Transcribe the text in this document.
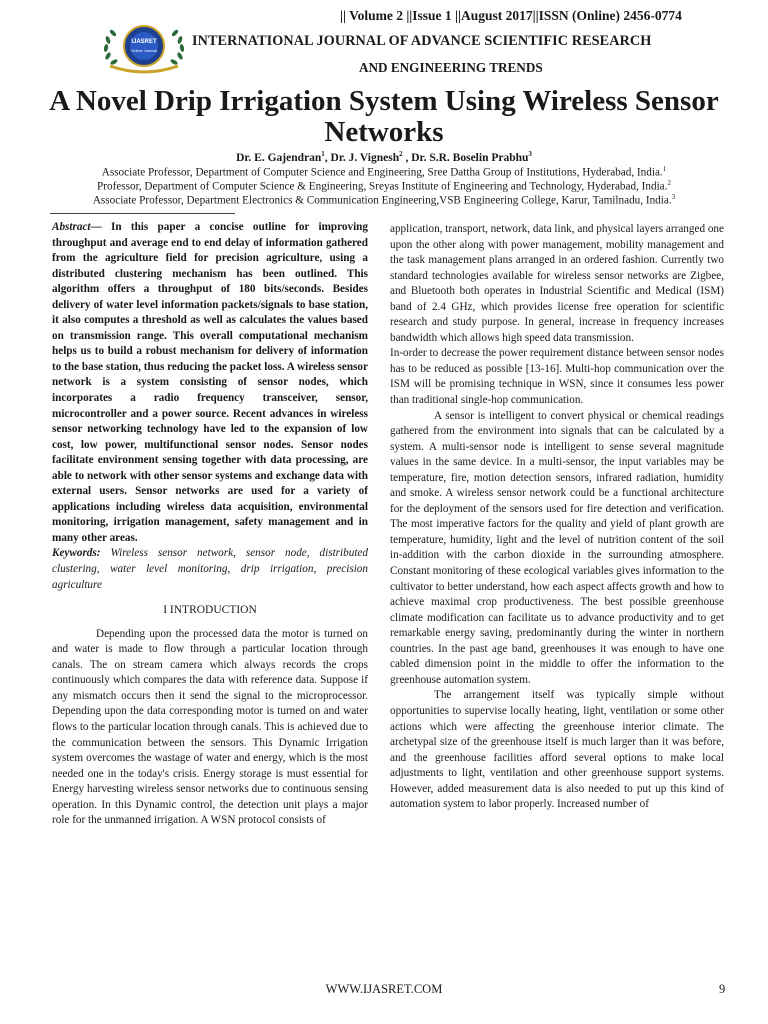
|| Volume 2 ||Issue 1 ||August 2017||ISSN (Online) 2456-0774
IJASRET
Online Journal
INTERNATIONAL JOURNAL OF ADVANCE SCIENTIFIC RESEARCH
AND ENGINEERING TRENDS
A Novel Drip Irrigation System Using Wireless Sensor Networks
Dr. E. Gajendran$^1$, Dr. J. Vignesh$^2$ , Dr. S.R. Boselin Prabhu$^3$
Associate Professor, Department of Computer Science and Engineering, Sree Dattha Group of Institutions, Hyderabad, India.$^1$
Professor, Department of Computer Science & Engineering, Sreyas Institute of Engineering and Technology, Hyderabad, India.$^2$
Associate Professor, Department Electronics & Communication Engineering,VSB Engineering College, Karur, Tamilnadu, India.$^3$

Abstract— In this paper a concise outline for improving throughput and average end to end delay of information gathered from the agriculture field for precision agriculture, using a distributed clustering mechanism has been outlined. This algorithm offers a throughput of 180 bits/seconds. Besides delivery of water level information packets/signals to base station, it also computes a threshold as well as calculates the values based on transmission range. This overall computational mechanism helps us to build a robust mechanism for delivery of information to the base station, thus reducing the packet loss. A wireless sensor network is a system consisting of sensor nodes, which incorporates a radio frequency transceiver, sensor, microcontroller and a power source. Recent advances in wireless sensor networking technology have led to the expansion of low cost, low power, multifunctional sensor nodes. Sensor nodes facilitate environment sensing together with data processing, are able to network with other sensor systems and exchange data with external users. Sensor networks are used for a variety of applications including wireless data acquisition, environmental monitoring, irrigation management, safety management and in many other areas.

Keywords: Wireless sensor network, sensor node, distributed clustering, water level monitoring, drip irrigation, precision agriculture

I INTRODUCTION

Depending upon the processed data the motor is turned on and water is made to flow through a particular location through canals. The on stream camera which always records the crops continuously which compares the data with reference data. Suppose if any mismatch occurs then it send the signal to the microprocessor. Depending upon the data corresponding motor is turned on and water flows to the particular location through canals. This is achieved due to the communication between the sensors. This Dynamic Irrigation system overcomes the wastage of water and energy, which is the most needed one in the today's crisis. Energy storage is must essential for Energy harvesting wireless sensor networks due to continuous sensing operation. In this Dynamic control, the detection unit plays a major role for the unmanned irrigation. A WSN protocol consists of

application, transport, network, data link, and physical layers arranged one upon the other along with power management, mobility management and the task management plans arranged in an ordered fashion. Currently two standard technologies available for wireless sensor networks are Zigbee, and Bluetooth both operates in Industrial Scientific and Medical (ISM) band of 2.4 GHz, which provides license free operation for scientific research and study purpose. In general, increase in frequency increases bandwidth which allows high speed data transmission.

In-order to decrease the power requirement distance between sensor nodes has to be reduced as possible [13-16]. Multi-hop communication over the ISM will be promising technique in WSN, since it consumes less power than traditional single-hop communication.

A sensor is intelligent to convert physical or chemical readings gathered from the environment into signals that can be calculated by a system. A multi-sensor node is intelligent to sense several magnitude values in the same device. In a multi-sensor, the input variables may be temperature, fire, motion detection sensors, infrared radiation, humidity and smoke. A wireless sensor network could be a functional architecture for the deployment of the sensors used for fire detection and verification. The most imperative factors for the quality and yield of plant growth are temperature, humidity, light and the level of nutrition content of the soil in-addition with the carbon dioxide in the surrounding atmosphere. Constant monitoring of these ecological variables gives information to the cultivator to better understand, how each aspect affects growth and how to achieve maximal crop productiveness. The best possible greenhouse climate modification can facilitate us to advance productivity and to get remarkable energy saving, predominantly during the winter in northern countries. In the past age band, greenhouses it was enough to have one cabled dimension point in the middle to offer the information to the greenhouse automation system.

The arrangement itself was typically simple without opportunities to supervise locally heating, light, ventilation or some other actions which were affecting the greenhouse interior climate. The archetypal size of the greenhouse itself is much larger than it was before, and the greenhouse facilities afford several options to make local adjustments to light, ventilation and other greenhouse support systems. However, added measurement data is also needed to put up this kind of automation system to labor properly. Increased number of

WWW.IJASRET.COM	9
